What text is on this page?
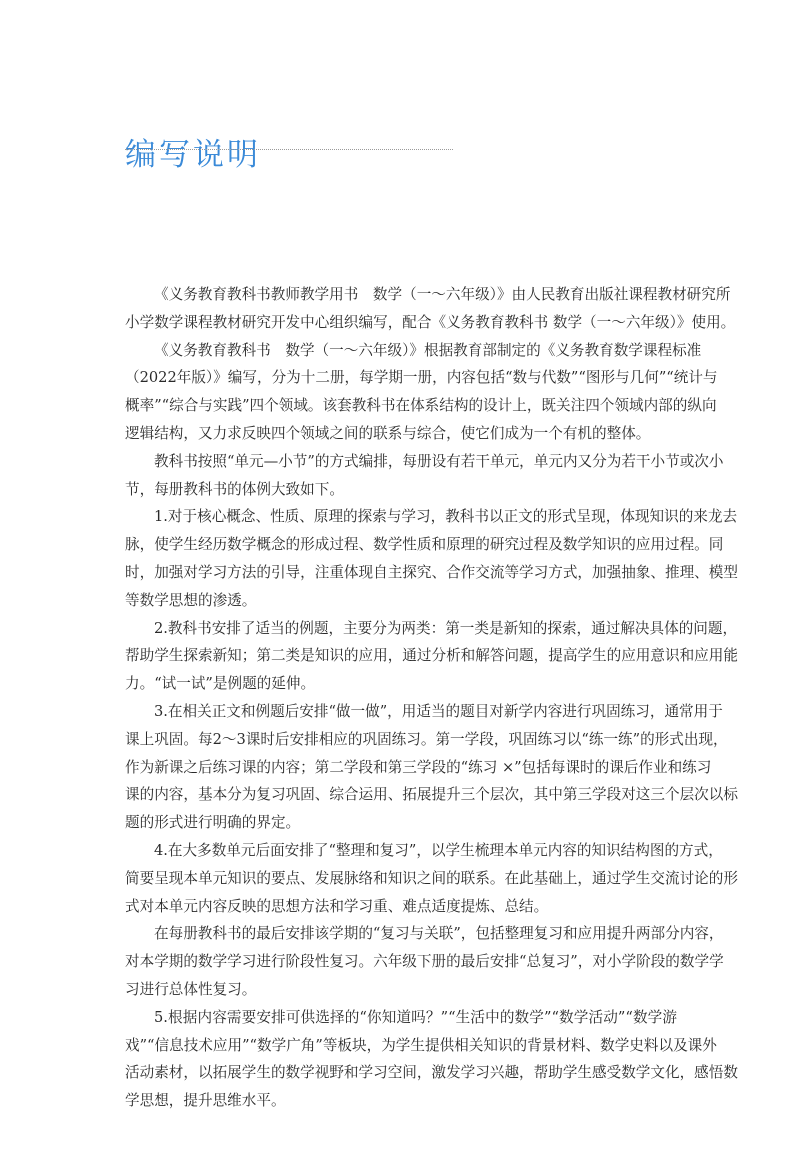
编写说明
《义务教育教科书教师教学用书　数学（一～六年级）》由人民教育出版社课程教材研究所
小学数学课程教材研究开发中心组织编写，配合《义务教育教科书 数学（一～六年级）》使用。
《义务教育教科书　数学（一～六年级）》根据教育部制定的《义务教育数学课程标准
（2022年版）》编写，分为十二册，每学期一册，内容包括“数与代数”“图形与几何”“统计与
概率”“综合与实践”四个领域。该套教科书在体系结构的设计上，既关注四个领域内部的纵向
逻辑结构，又力求反映四个领域之间的联系与综合，使它们成为一个有机的整体。
教科书按照“单元—小节”的方式编排，每册设有若干单元，单元内又分为若干小节或次小
节，每册教科书的体例大致如下。
1.对于核心概念、性质、原理的探索与学习，教科书以正文的形式呈现，体现知识的来龙去
脉，使学生经历数学概念的形成过程、数学性质和原理的研究过程及数学知识的应用过程。同
时，加强对学习方法的引导，注重体现自主探究、合作交流等学习方式，加强抽象、推理、模型
等数学思想的渗透。
2.教科书安排了适当的例题，主要分为两类：第一类是新知的探索，通过解决具体的问题，
帮助学生探索新知；第二类是知识的应用，通过分析和解答问题，提高学生的应用意识和应用能
力。“试一试”是例题的延伸。
3.在相关正文和例题后安排“做一做”，用适当的题目对新学内容进行巩固练习，通常用于
课上巩固。每2～3课时后安排相应的巩固练习。第一学段，巩固练习以“练一练”的形式出现，
作为新课之后练习课的内容；第二学段和第三学段的“练习 ×”包括每课时的课后作业和练习
课的内容，基本分为复习巩固、综合运用、拓展提升三个层次，其中第三学段对这三个层次以标
题的形式进行明确的界定。
4.在大多数单元后面安排了“整理和复习”，以学生梳理本单元内容的知识结构图的方式，
简要呈现本单元知识的要点、发展脉络和知识之间的联系。在此基础上，通过学生交流讨论的形
式对本单元内容反映的思想方法和学习重、难点适度提炼、总结。
在每册教科书的最后安排该学期的“复习与关联”，包括整理复习和应用提升两部分内容，
对本学期的数学学习进行阶段性复习。六年级下册的最后安排“总复习”，对小学阶段的数学学
习进行总体性复习。
5.根据内容需要安排可供选择的“你知道吗？”“生活中的数学”“数学活动”“数学游
戏”“信息技术应用”“数学广角”等板块，为学生提供相关知识的背景材料、数学史料以及课外
活动素材，以拓展学生的数学视野和学习空间，激发学习兴趣，帮助学生感受数学文化，感悟数
学思想，提升思维水平。
